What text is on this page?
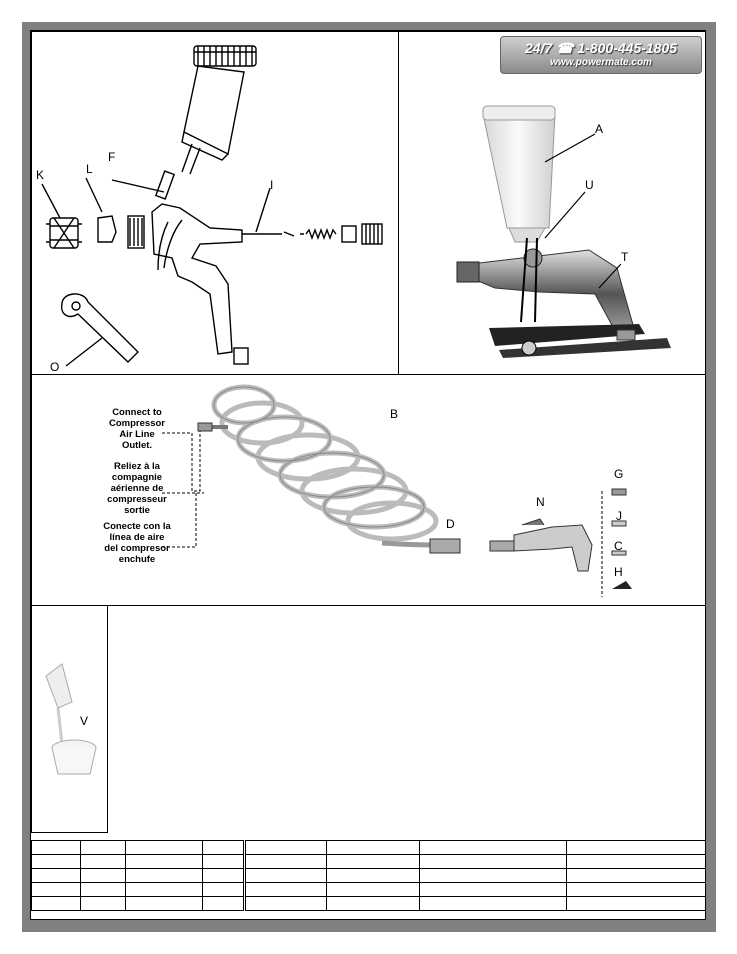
K	L
F
I
O
A
U
T
24/7 ☎ 1-800-445-1805
www.powermate.com
Connect to Compressor Air Line Outlet.
Reliez à la compagnie aérienne de compresseur sortie
Conecte con la línea de aire del compresor enchufe
B
D
N
G
J
C
H
V
